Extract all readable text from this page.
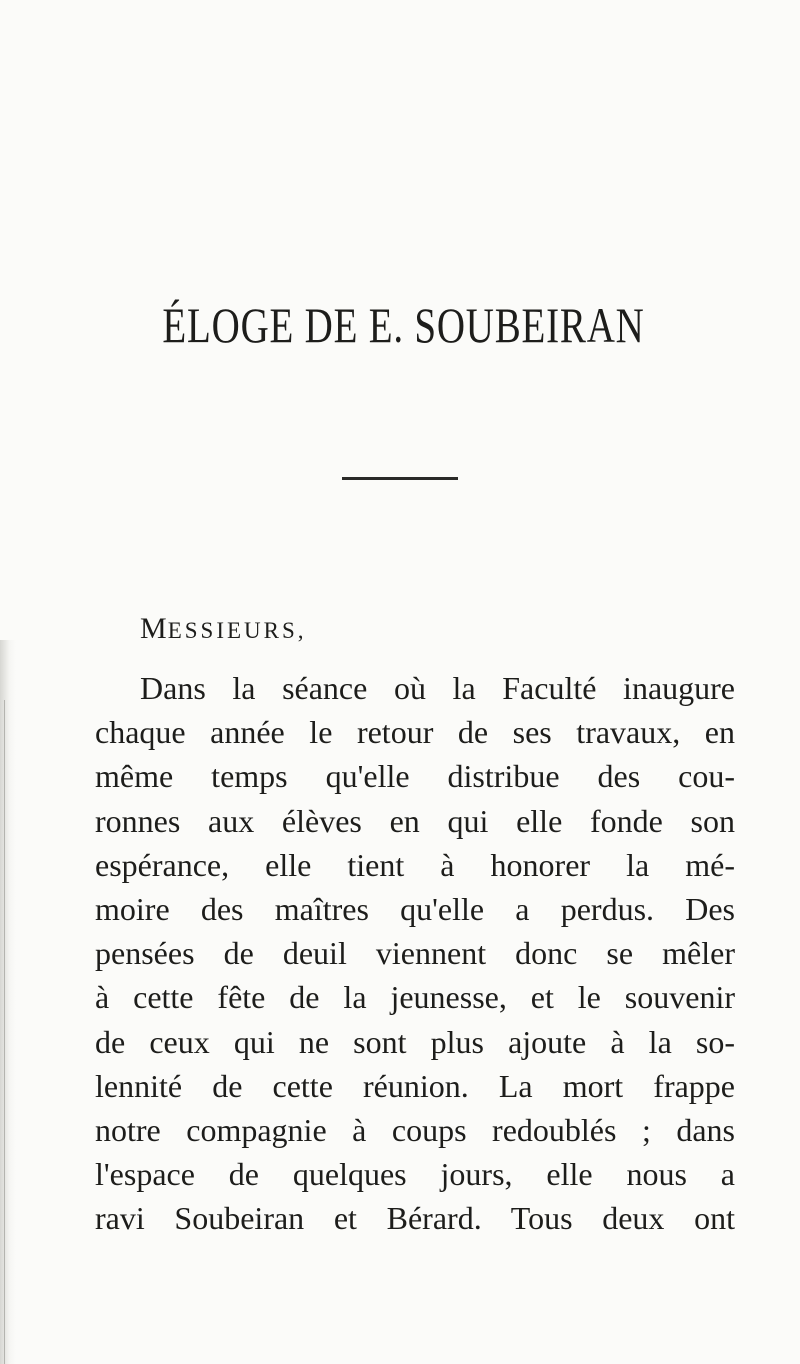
ÉLOGE DE E. SOUBEIRAN
MESSIEURS,
Dans la séance où la Faculté inaugure
chaque année le retour de ses travaux, en
même temps qu'elle distribue des cou-
ronnes aux élèves en qui elle fonde son
espérance, elle tient à honorer la mé-
moire des maîtres qu'elle a perdus. Des
pensées de deuil viennent donc se mêler
à cette fête de la jeunesse, et le souvenir
de ceux qui ne sont plus ajoute à la so-
lennité de cette réunion. La mort frappe
notre compagnie à coups redoublés ; dans
l'espace de quelques jours, elle nous a
ravi Soubeiran et Bérard. Tous deux ont
